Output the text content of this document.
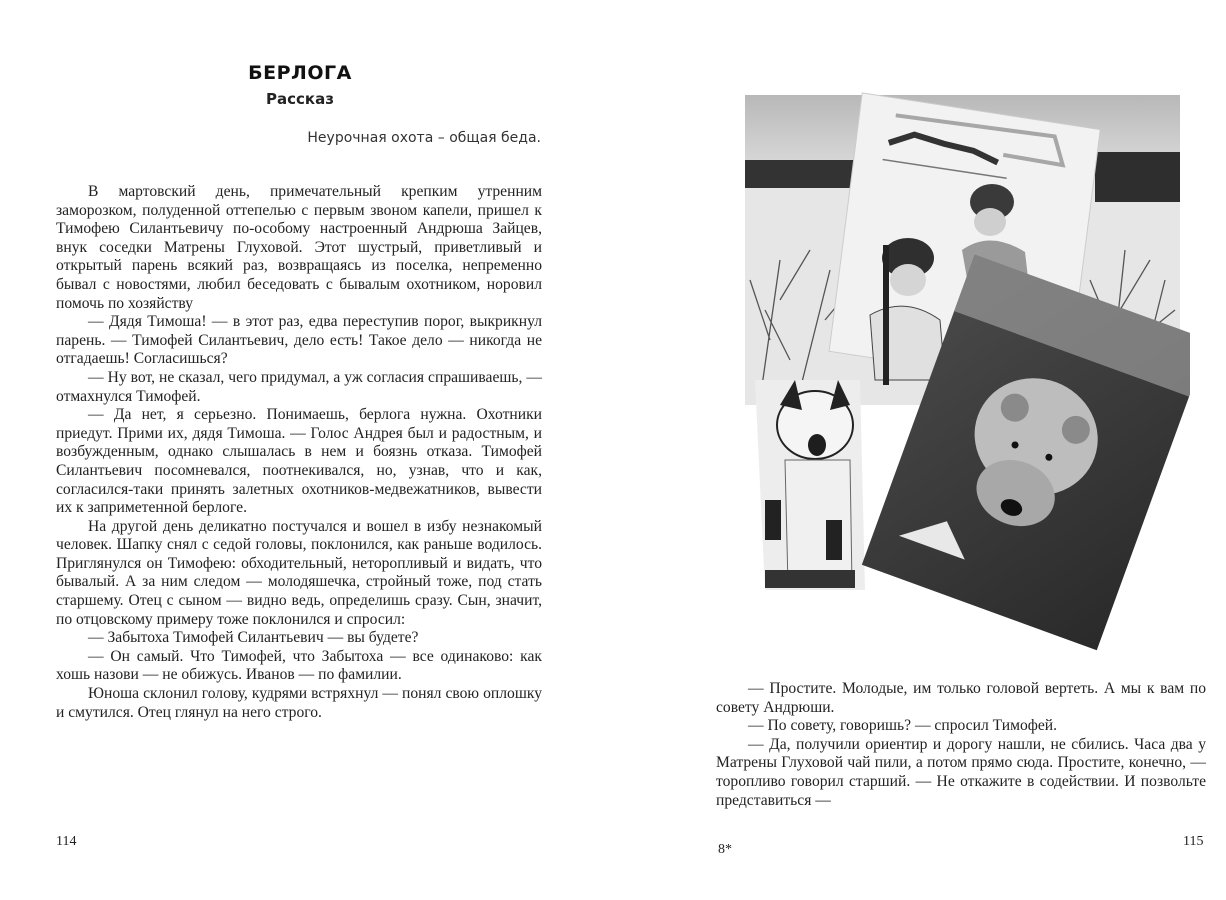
БЕРЛОГА
Рассказ
Неурочная охота – общая беда.

В мартовский день, примечательный крепким утренним заморозком, полуденной оттепелью с первым звоном капели, пришел к Тимофею Силантьевичу по-особому настроенный Андрюша Зайцев, внук соседки Матрены Глуховой. Этот шустрый, приветливый и открытый парень всякий раз, возвращаясь из поселка, непременно бывал с новостями, любил беседовать с бывалым охотником, норовил помочь по хозяйству

— Дядя Тимоша! — в этот раз, едва переступив порог, выкрикнул парень. — Тимофей Силантьевич, дело есть! Такое дело — никогда не отгадаешь! Согласишься?

— Ну вот, не сказал, чего придумал, а уж согласия спрашиваешь, — отмахнулся Тимофей.

— Да нет, я серьезно. Понимаешь, берлога нужна. Охотники приедут. Прими их, дядя Тимоша. — Голос Андрея был и радостным, и возбужденным, однако слышалась в нем и боязнь отказа. Тимофей Силантьевич посомневался, поотнекивался, но, узнав, что и как, согласился-таки принять залетных охотников-медвежатников, вывести их к заприметенной берлоге.

На другой день деликатно постучался и вошел в избу незнакомый человек. Шапку снял с седой головы, поклонился, как раньше водилось. Приглянулся он Тимофею: обходительный, неторопливый и видать, что бывалый. А за ним следом — молодяшечка, стройный тоже, под стать старшему. Отец с сыном — видно ведь, определишь сразу. Сын, значит, по отцовскому примеру тоже поклонился и спросил:

— Забытоха Тимофей Силантьевич — вы будете?

— Он самый. Что Тимофей, что Забытоха — все одинаково: как хошь назови — не обижусь. Иванов — по фамилии.

Юноша склонил голову, кудрями встряхнул — понял свою оплошку и смутился. Отец глянул на него строго.

114

— Простите. Молодые, им только головой вертеть. А мы к вам по совету Андрюши.

— По совету, говоришь? — спросил Тимофей.

— Да, получили ориентир и дорогу нашли, не сбились. Часа два у Матрены Глуховой чай пили, а потом прямо сюда. Простите, конечно, — торопливо говорил старший. — Не откажите в содействии. И позвольте представиться —

8*
115
